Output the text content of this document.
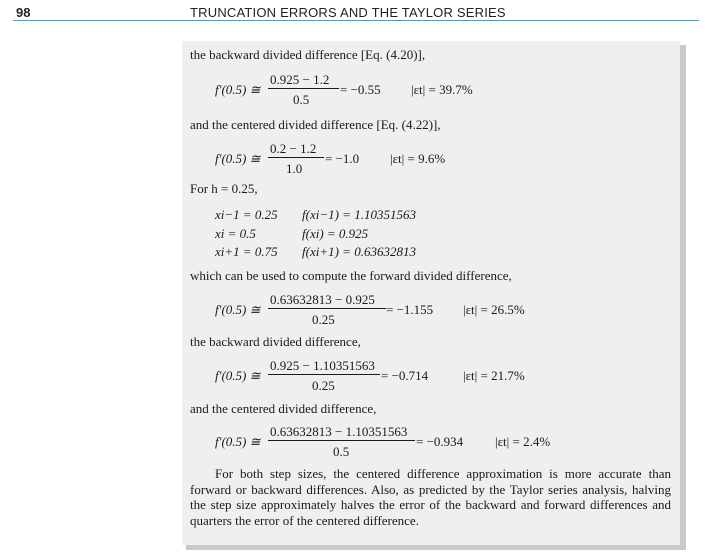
98	TRUNCATION ERRORS AND THE TAYLOR SERIES
the backward divided difference [Eq. (4.20)],
f′(0.5) ≅
0.925 − 1.2
0.5
= −0.55 |εt| = 39.7%
and the centered divided difference [Eq. (4.22)],
f′(0.5) ≅
0.2 − 1.2
1.0
= −1.0 |εt| = 9.6%
For h = 0.25,
xi−1 = 0.25 f(xi−1) = 1.10351563
xi = 0.5	f(xi) = 0.925
xi+1 = 0.75 f(xi+1) = 0.63632813
which can be used to compute the forward divided difference,
f′(0.5) ≅
0.63632813 − 0.925
0.25
= −1.155 |εt| = 26.5%
the backward divided difference,
f′(0.5) ≅
0.925 − 1.10351563
0.25
= −0.714	|εt| = 21.7%
and the centered divided difference,
f′(0.5) ≅
0.63632813 − 1.10351563
0.5
= −0.934 |εt| = 2.4%
For both step sizes, the centered difference approximation is more accurate than forward or backward differences. Also, as predicted by the Taylor series analysis, halving the step size approximately halves the error of the backward and forward differences and quarters the error of the centered difference.
